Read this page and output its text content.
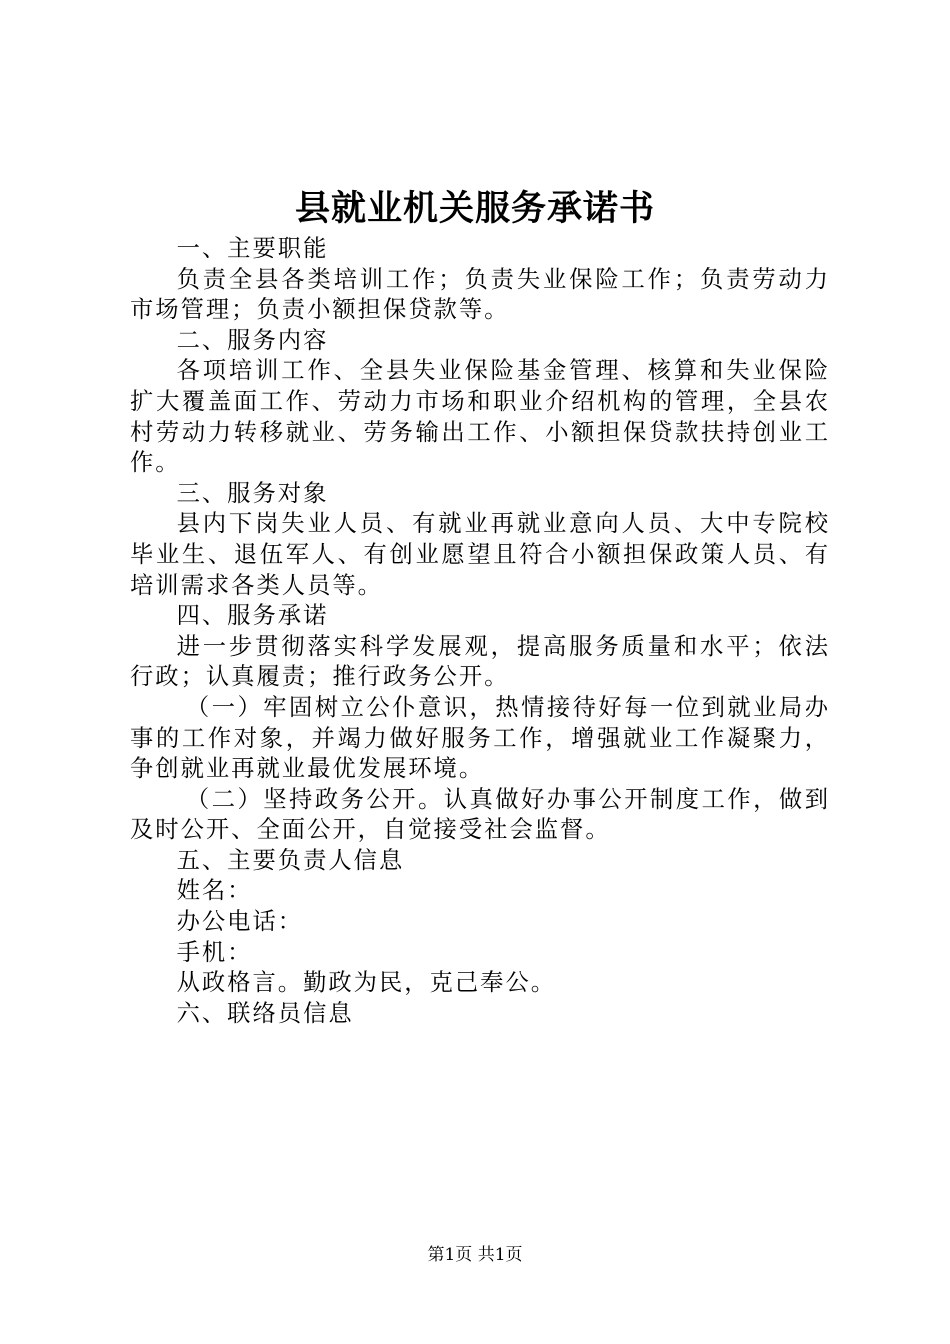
县就业机关服务承诺书

一、主要职能

负责全县各类培训工作；负责失业保险工作；负责劳动力市场管理；负责小额担保贷款等。

二、服务内容

各项培训工作、全县失业保险基金管理、核算和失业保险扩大覆盖面工作、劳动力市场和职业介绍机构的管理，全县农村劳动力转移就业、劳务输出工作、小额担保贷款扶持创业工作。

三、服务对象

县内下岗失业人员、有就业再就业意向人员、大中专院校毕业生、退伍军人、有创业愿望且符合小额担保政策人员、有培训需求各类人员等。

四、服务承诺

进一步贯彻落实科学发展观，提高服务质量和水平；依法行政；认真履责；推行政务公开。

（一）牢固树立公仆意识，热情接待好每一位到就业局办事的工作对象，并竭力做好服务工作，增强就业工作凝聚力，争创就业再就业最优发展环境。

（二）坚持政务公开。认真做好办事公开制度工作，做到及时公开、全面公开，自觉接受社会监督。

五、主要负责人信息

姓名：

办公电话：

手机：

从政格言。勤政为民，克己奉公。

六、联络员信息

第1页 共1页
